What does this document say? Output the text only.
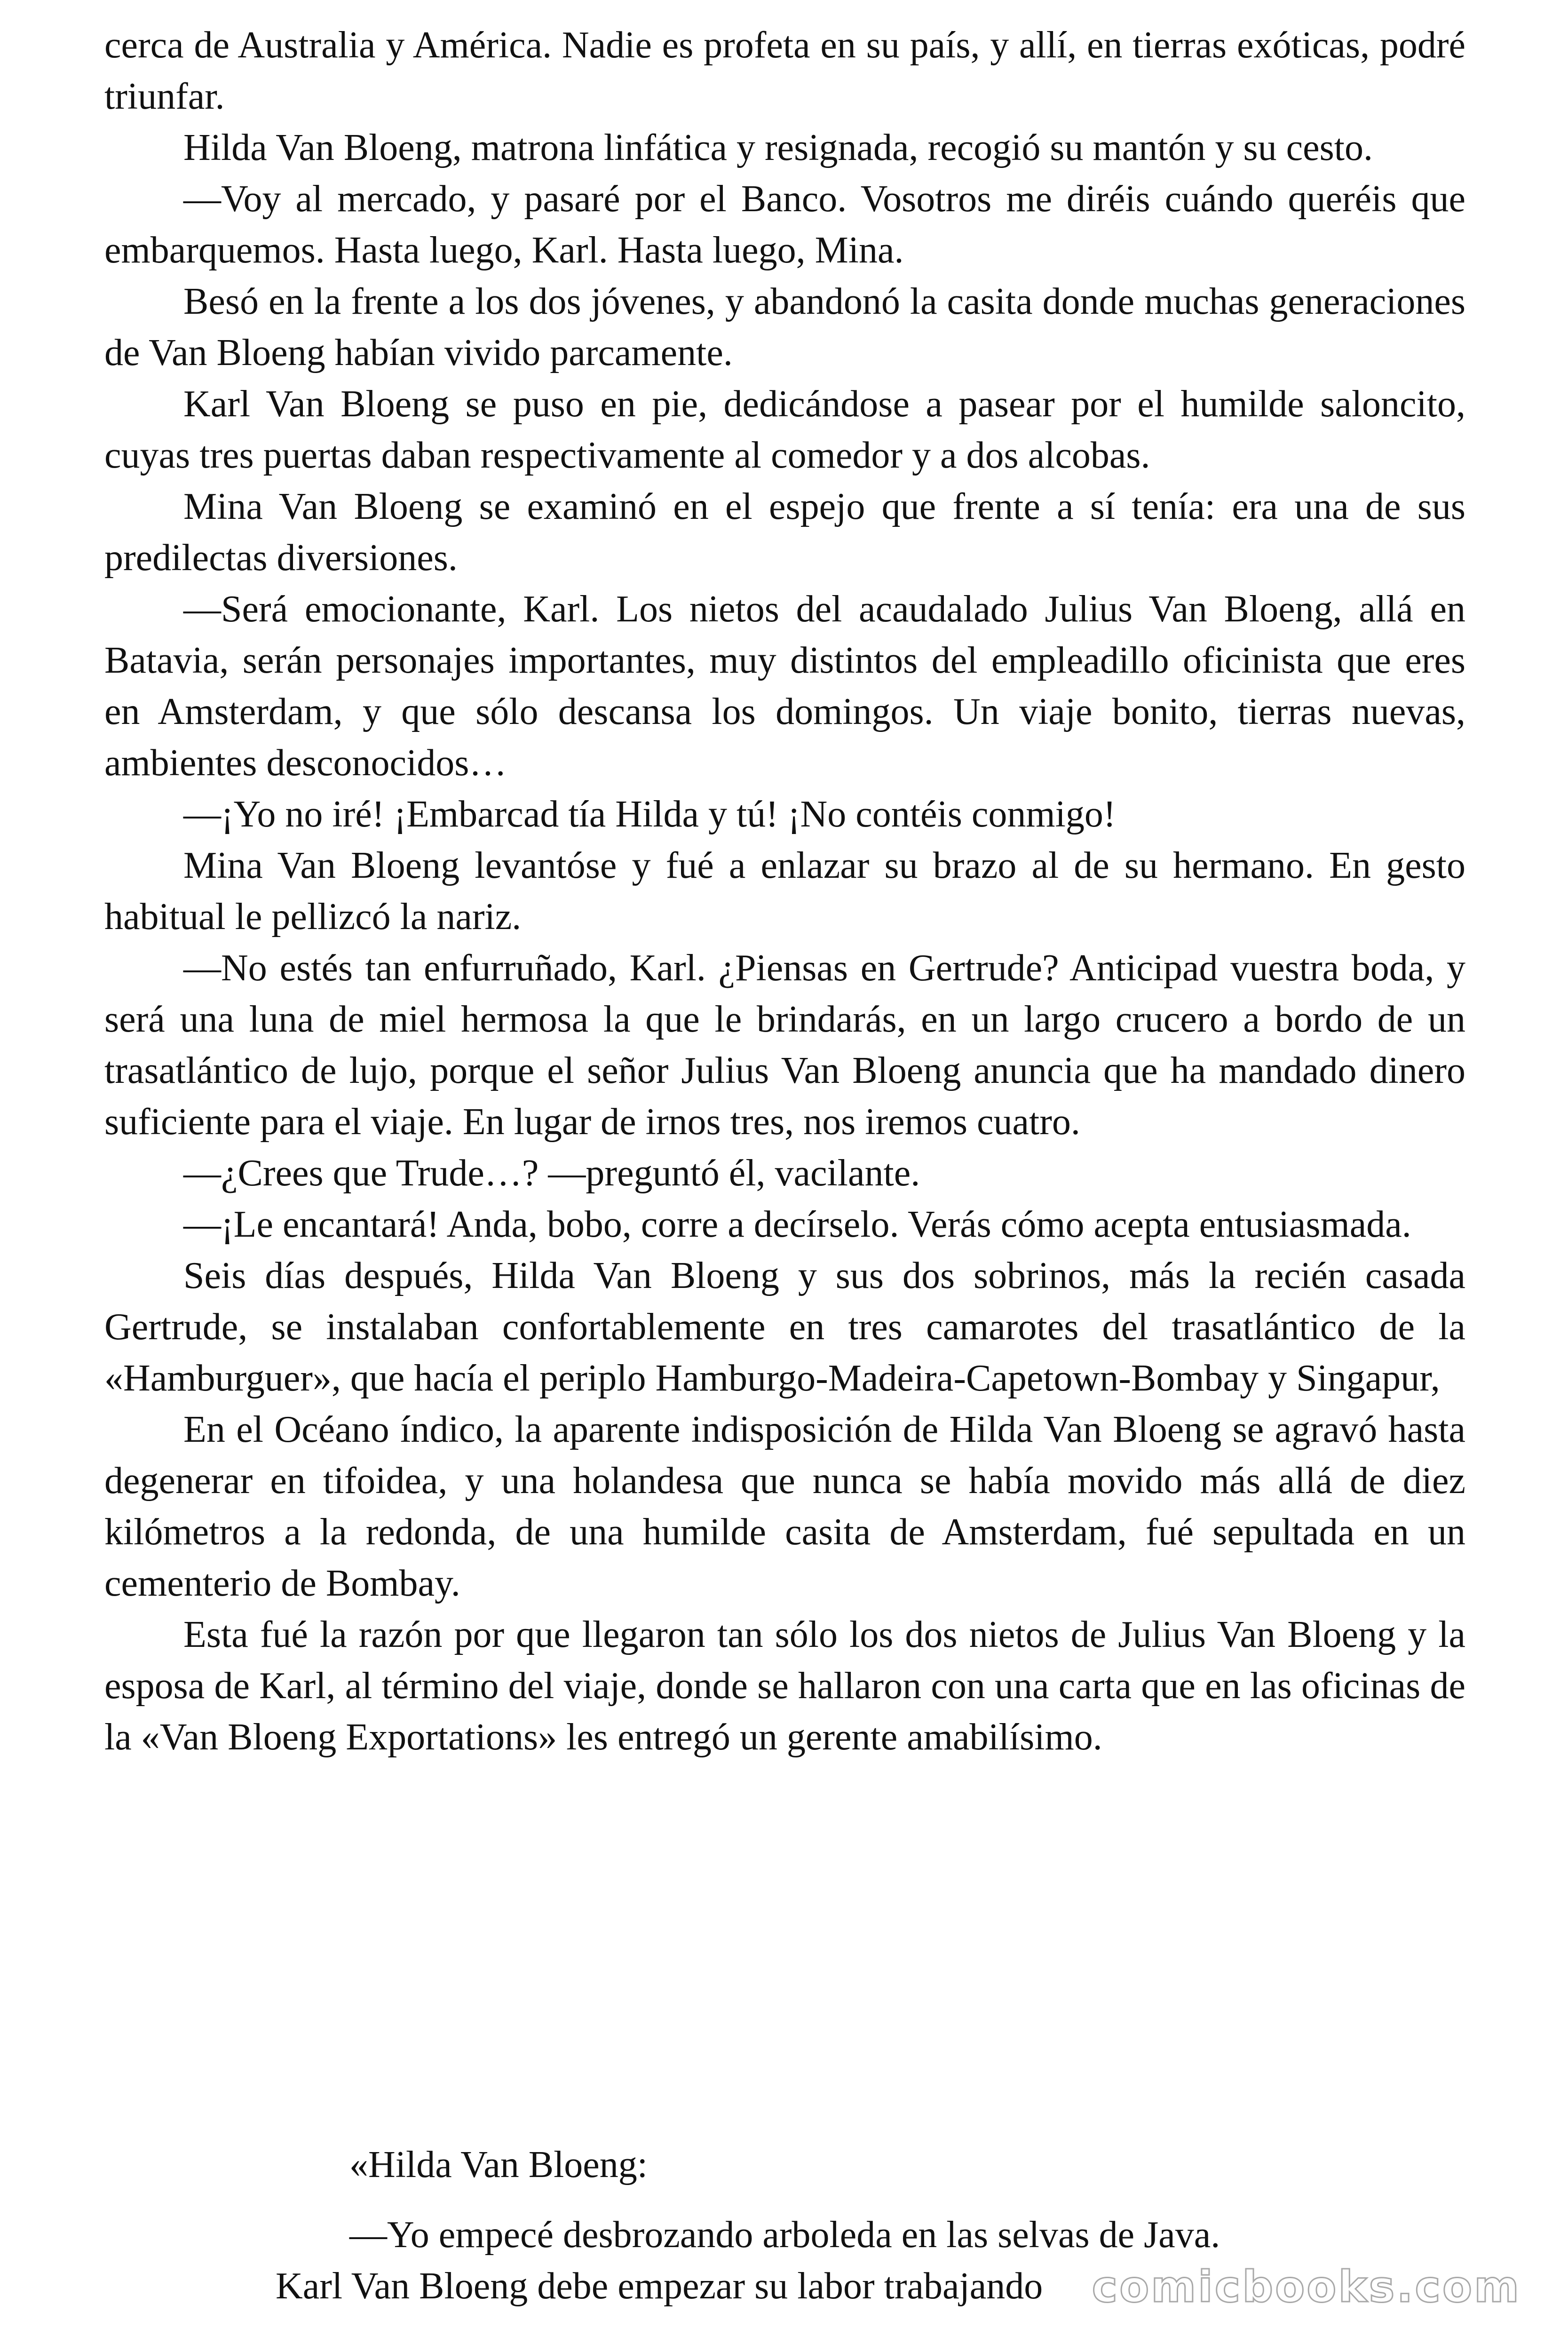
cerca de Australia y América. Nadie es profeta en su país, y allí, en tierras exóticas, podré triunfar.

Hilda Van Bloeng, matrona linfática y resignada, recogió su mantón y su cesto.

—Voy al mercado, y pasaré por el Banco. Vosotros me diréis cuándo queréis que embarquemos. Hasta luego, Karl. Hasta luego, Mina.

Besó en la frente a los dos jóvenes, y abandonó la casita donde muchas generaciones de Van Bloeng habían vivido parcamente.

Karl Van Bloeng se puso en pie, dedicándose a pasear por el humilde saloncito, cuyas tres puertas daban respectivamente al comedor y a dos alcobas.

Mina Van Bloeng se examinó en el espejo que frente a sí tenía: era una de sus predilectas diversiones.

—Será emocionante, Karl. Los nietos del acaudalado Julius Van Bloeng, allá en Batavia, serán personajes importantes, muy distintos del empleadillo oficinista que eres en Amsterdam, y que sólo descansa los domingos. Un viaje bonito, tierras nuevas, ambientes desconocidos…

—¡Yo no iré! ¡Embarcad tía Hilda y tú! ¡No contéis conmigo!

Mina Van Bloeng levantóse y fué a enlazar su brazo al de su hermano. En gesto habitual le pellizcó la nariz.

—No estés tan enfurruñado, Karl. ¿Piensas en Gertrude? Anticipad vuestra boda, y será una luna de miel hermosa la que le brindarás, en un largo crucero a bordo de un trasatlántico de lujo, porque el señor Julius Van Bloeng anuncia que ha mandado dinero suficiente para el viaje. En lugar de irnos tres, nos iremos cuatro.

—¿Crees que Trude…? —preguntó él, vacilante.

—¡Le encantará! Anda, bobo, corre a decírselo. Verás cómo acepta entusiasmada.

Seis días después, Hilda Van Bloeng y sus dos sobrinos, más la recién casada Gertrude, se instalaban confortablemente en tres camarotes del trasatlántico de la «Hamburguer», que hacía el periplo Hamburgo-Madeira-Capetown-Bombay y Singapur,

En el Océano índico, la aparente indisposición de Hilda Van Bloeng se agravó hasta degenerar en tifoidea, y una holandesa que nunca se había movido más allá de diez kilómetros a la redonda, de una humilde casita de Amsterdam, fué sepultada en un cementerio de Bombay.

Esta fué la razón por que llegaron tan sólo los dos nietos de Julius Van Bloeng y la esposa de Karl, al término del viaje, donde se hallaron con una carta que en las oficinas de la «Van Bloeng Exportations» les entregó un gerente amabilísimo.

«Hilda Van Bloeng:

—Yo empecé desbrozando arboleda en las selvas de Java.
Karl Van Bloeng debe empezar su labor trabajando	comicbooks.com
